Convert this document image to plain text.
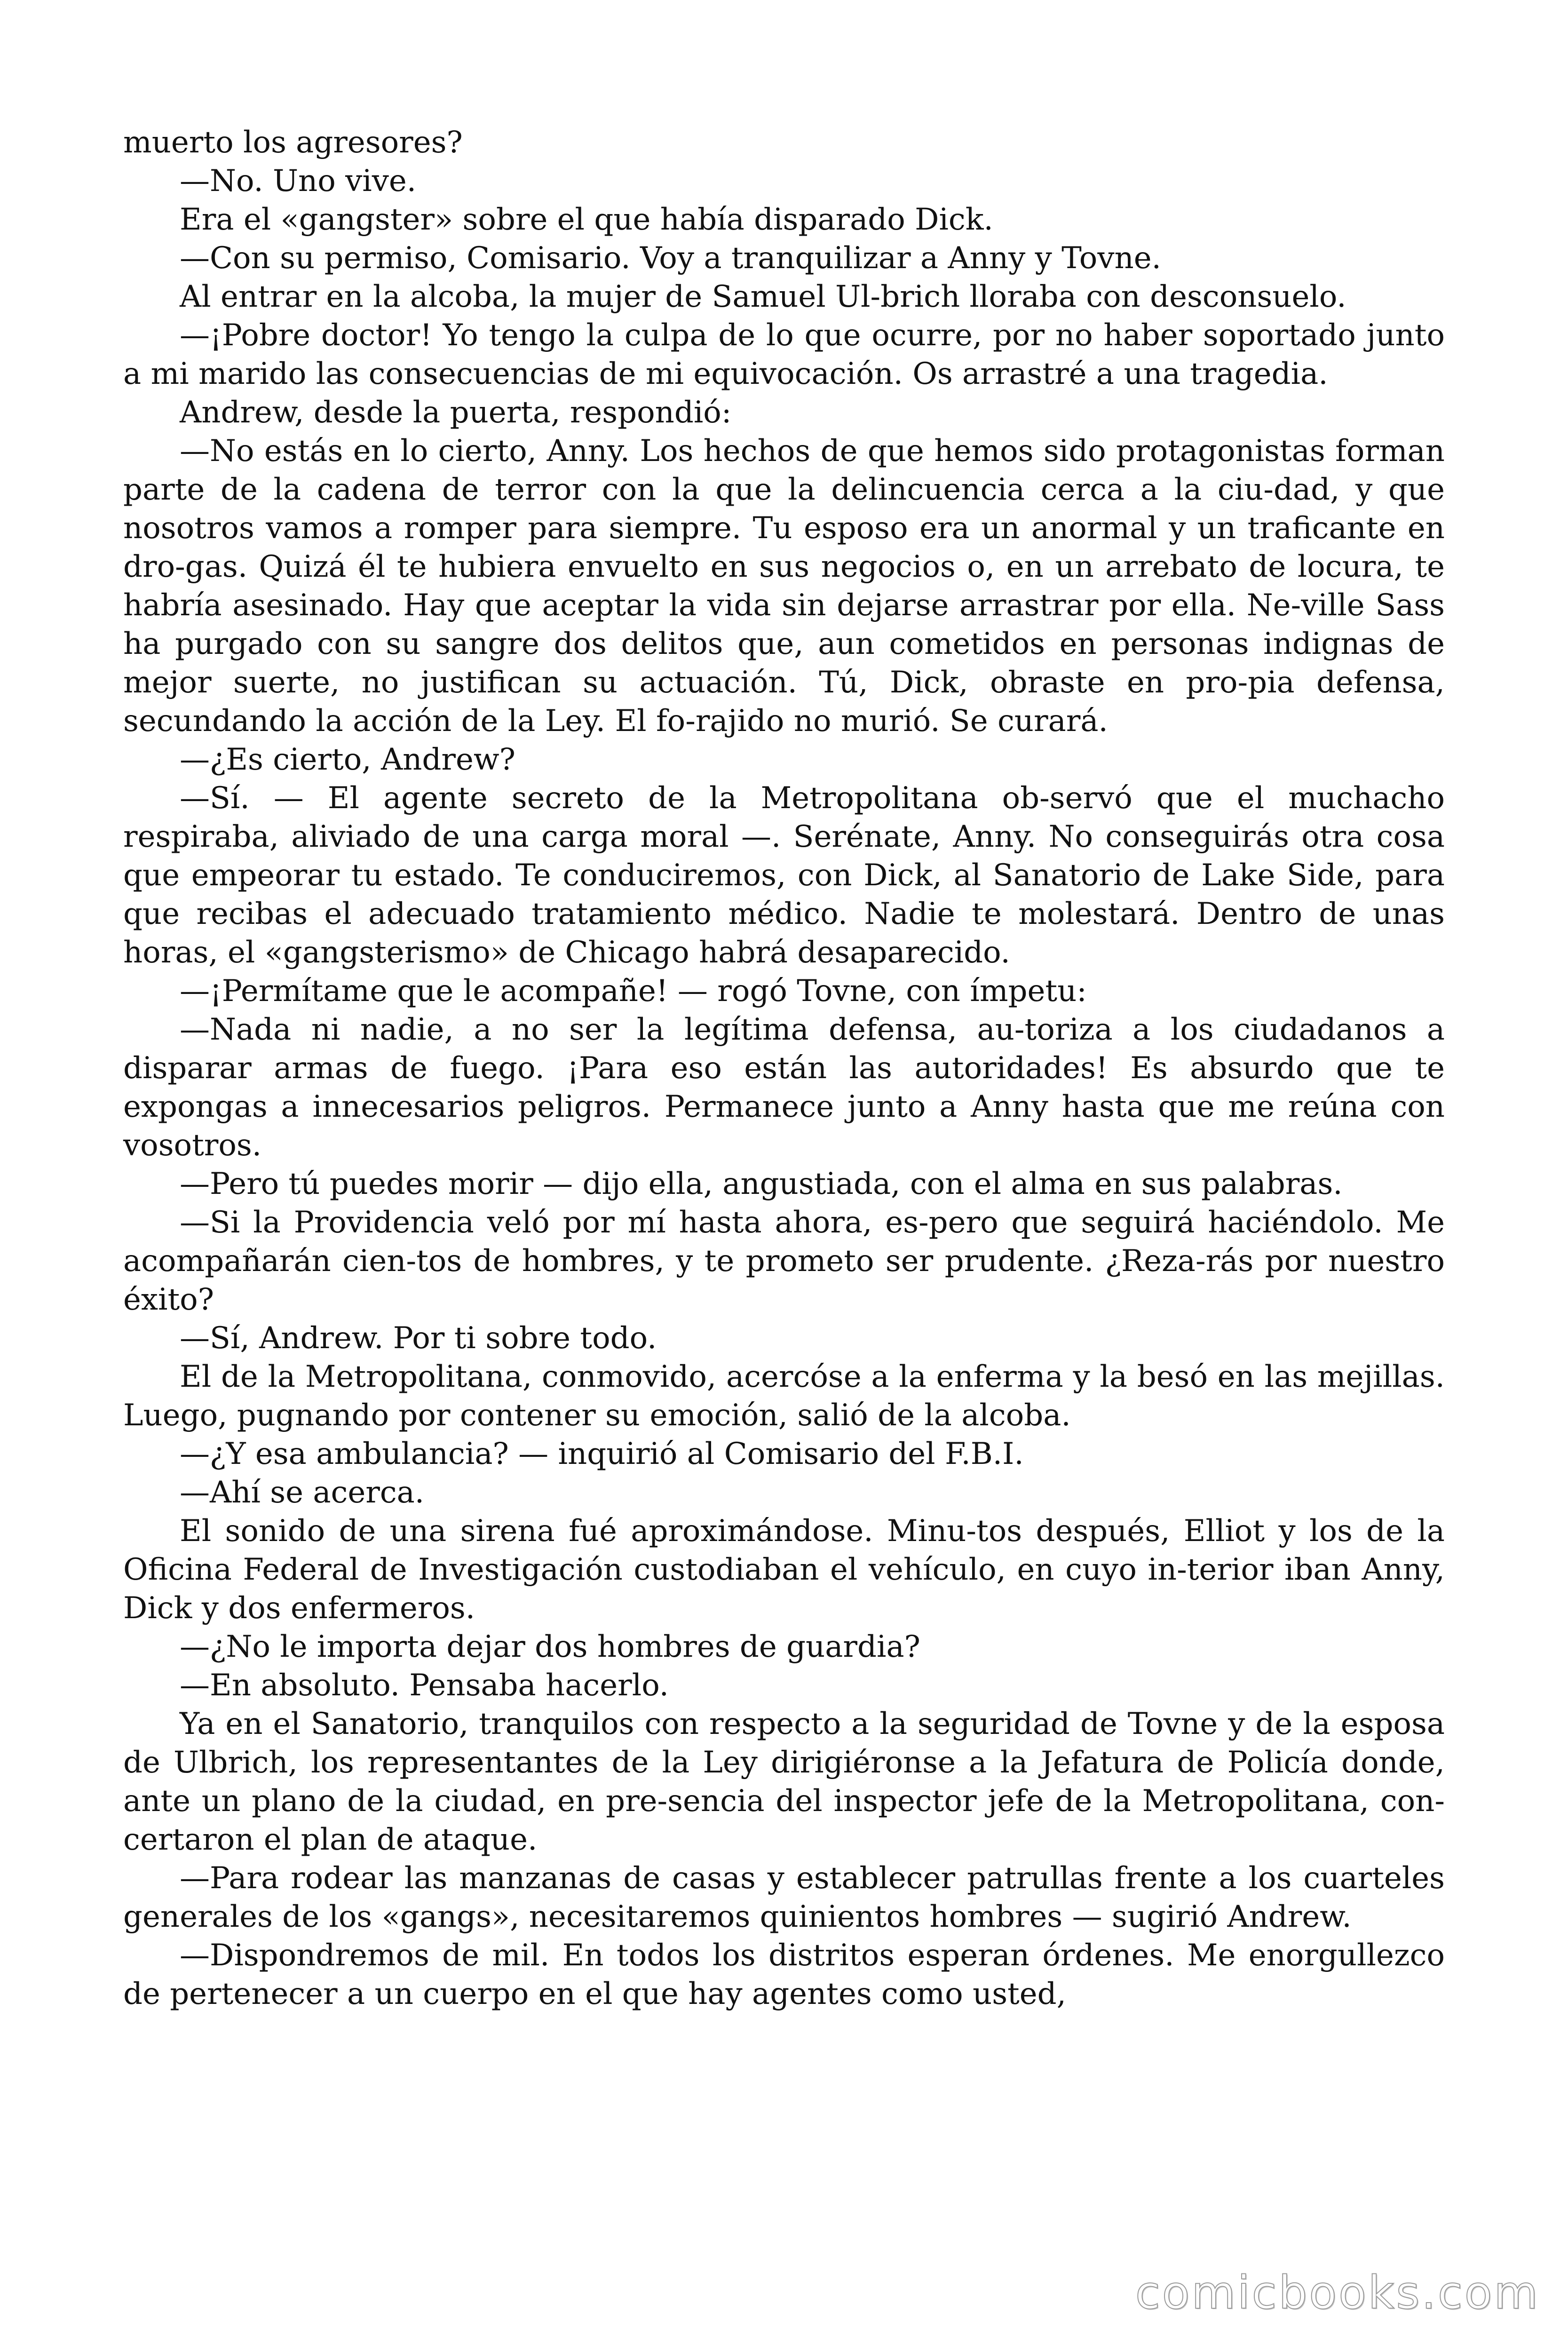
muerto los agresores?

—No. Uno vive.

Era el «gangster» sobre el que había disparado Dick.

—Con su permiso, Comisario. Voy a tranquilizar a Anny y Tovne.

Al entrar en la alcoba, la mujer de Samuel Ul-brich lloraba con desconsuelo.

—¡Pobre doctor! Yo tengo la culpa de lo que ocurre, por no haber soportado junto a mi marido las consecuencias de mi equivocación. Os arrastré a una tragedia.

Andrew, desde la puerta, respondió:

—No estás en lo cierto, Anny. Los hechos de que hemos sido protagonistas forman parte de la cadena de terror con la que la delincuencia cerca a la ciu-dad, y que nosotros vamos a romper para siempre. Tu esposo era un anormal y un traficante en dro-gas. Quizá él te hubiera envuelto en sus negocios o, en un arrebato de locura, te habría asesinado. Hay que aceptar la vida sin dejarse arrastrar por ella. Ne-ville Sass ha purgado con su sangre dos delitos que, aun cometidos en personas indignas de mejor suerte, no justifican su actuación. Tú, Dick, obraste en pro-pia defensa, secundando la acción de la Ley. El fo-rajido no murió. Se curará.

—¿Es cierto, Andrew?

—Sí. — El agente secreto de la Metropolitana ob-servó que el muchacho respiraba, aliviado de una carga moral —. Serénate, Anny. No conseguirás otra cosa que empeorar tu estado. Te conduciremos, con Dick, al Sanatorio de Lake Side, para que recibas el adecuado tratamiento médico. Nadie te molestará. Dentro de unas horas, el «gangsterismo» de Chicago habrá desaparecido.

—¡Permítame que le acompañe! — rogó Tovne, con ímpetu:

—Nada ni nadie, a no ser la legítima defensa, au-toriza a los ciudadanos a disparar armas de fuego. ¡Para eso están las autoridades! Es absurdo que te expongas a innecesarios peligros. Permanece junto a Anny hasta que me reúna con vosotros.

—Pero tú puedes morir — dijo ella, angustiada, con el alma en sus palabras.

—Si la Providencia veló por mí hasta ahora, es-pero que seguirá haciéndolo. Me acompañarán cien-tos de hombres, y te prometo ser prudente. ¿Reza-rás por nuestro éxito?

—Sí, Andrew. Por ti sobre todo.

El de la Metropolitana, conmovido, acercóse a la enferma y la besó en las mejillas. Luego, pugnando por contener su emoción, salió de la alcoba.

—¿Y esa ambulancia? — inquirió al Comisario del F.B.I.

—Ahí se acerca.

El sonido de una sirena fué aproximándose. Minu-tos después, Elliot y los de la Oficina Federal de Investigación custodiaban el vehículo, en cuyo in-terior iban Anny, Dick y dos enfermeros.

—¿No le importa dejar dos hombres de guardia?

—En absoluto. Pensaba hacerlo.

Ya en el Sanatorio, tranquilos con respecto a la seguridad de Tovne y de la esposa de Ulbrich, los representantes de la Ley dirigiéronse a la Jefatura de Policía donde, ante un plano de la ciudad, en pre-sencia del inspector jefe de la Metropolitana, con-certaron el plan de ataque.

—Para rodear las manzanas de casas y establecer patrullas frente a los cuarteles generales de los «gangs», necesitaremos quinientos hombres — sugirió Andrew.

—Dispondremos de mil. En todos los distritos esperan órdenes. Me enorgullezco de pertenecer a un cuerpo en el que hay agentes como usted,

comicbooks.com
